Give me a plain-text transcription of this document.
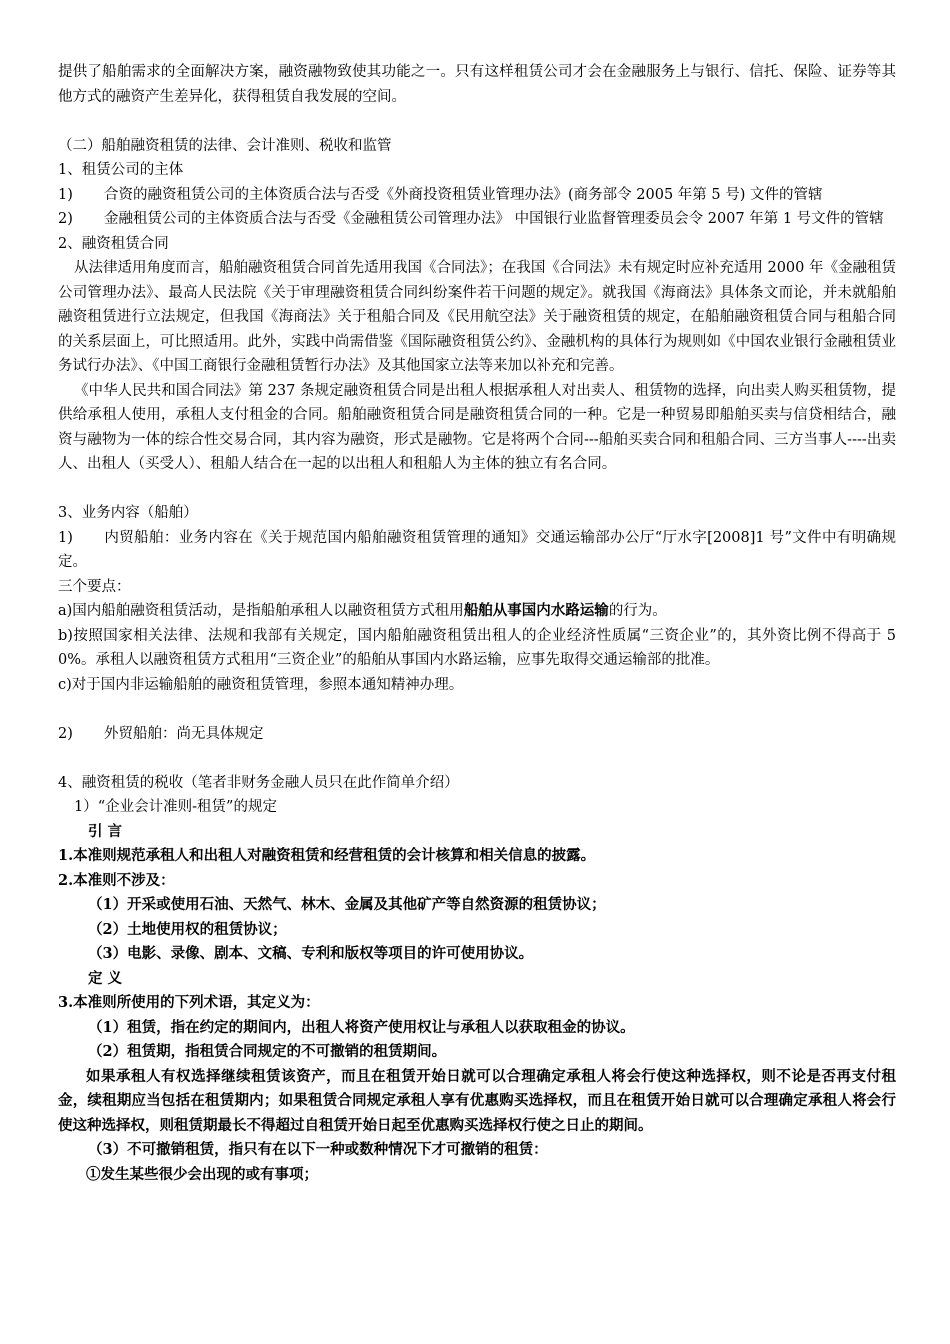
提供了船舶需求的全面解决方案，融资融物致使其功能之一。只有这样租赁公司才会在金融服务上与银行、信托、保险、证券等其他方式的融资产生差异化，获得租赁自我发展的空间。

（二）船舶融资租赁的法律、会计准则、税收和监管

1、租赁公司的主体

1) 合资的融资租赁公司的主体资质合法与否受《外商投资租赁业管理办法》(商务部令 2005 年第 5 号) 文件的管辖

2) 金融租赁公司的主体资质合法与否受《金融租赁公司管理办法》 中国银行业监督管理委员会令 2007 年第 1 号文件的管辖

2、融资租赁合同

从法律适用角度而言，船舶融资租赁合同首先适用我国《合同法》；在我国《合同法》未有规定时应补充适用 2000 年《金融租赁公司管理办法》、最高人民法院《关于审理融资租赁合同纠纷案件若干问题的规定》。就我国《海商法》具体条文而论，并未就船舶融资租赁进行立法规定，但我国《海商法》关于租船合同及《民用航空法》关于融资租赁的规定，在船舶融资租赁合同与租船合同的关系层面上，可比照适用。此外，实践中尚需借鉴《国际融资租赁公约》、金融机构的具体行为规则如《中国农业银行金融租赁业务试行办法》、《中国工商银行金融租赁暂行办法》及其他国家立法等来加以补充和完善。

《中华人民共和国合同法》第 237 条规定融资租赁合同是出租人根据承租人对出卖人、租赁物的选择，向出卖人购买租赁物，提供给承租人使用，承租人支付租金的合同。船舶融资租赁合同是融资租赁合同的一种。它是一种贸易即船舶买卖与信贷相结合，融资与融物为一体的综合性交易合同，其内容为融资，形式是融物。它是将两个合同---船舶买卖合同和租船合同、三方当事人----出卖人、出租人（买受人）、租船人结合在一起的以出租人和租船人为主体的独立有名合同。

3、业务内容（船舶）

1) 内贸船舶：业务内容在《关于规范国内船舶融资租赁管理的通知》交通运输部办公厅“厅水字[2008]1 号”文件中有明确规定。

三个要点：

a)国内船舶融资租赁活动，是指船舶承租人以融资租赁方式租用船舶从事国内水路运输的行为。

b)按照国家相关法律、法规和我部有关规定，国内船舶融资租赁出租人的企业经济性质属“三资企业”的，其外资比例不得高于 50%。承租人以融资租赁方式租用“三资企业”的船舶从事国内水路运输，应事先取得交通运输部的批准。

c)对于国内非运输船舶的融资租赁管理，参照本通知精神办理。

2) 外贸船舶：尚无具体规定

4、融资租赁的税收（笔者非财务金融人员只在此作简单介绍）

1）“企业会计准则-租赁”的规定

引 言

1.本准则规范承租人和出租人对融资租赁和经营租赁的会计核算和相关信息的披露。

2.本准则不涉及：

（1）开采或使用石油、天然气、林木、金属及其他矿产等自然资源的租赁协议；

（2）土地使用权的租赁协议；

（3）电影、录像、剧本、文稿、专利和版权等项目的许可使用协议。

定 义

3.本准则所使用的下列术语，其定义为：

（1）租赁，指在约定的期间内，出租人将资产使用权让与承租人以获取租金的协议。

（2）租赁期，指租赁合同规定的不可撤销的租赁期间。

如果承租人有权选择继续租赁该资产，而且在租赁开始日就可以合理确定承租人将会行使这种选择权，则不论是否再支付租金，续租期应当包括在租赁期内；如果租赁合同规定承租人享有优惠购买选择权，而且在租赁开始日就可以合理确定承租人将会行使这种选择权，则租赁期最长不得超过自租赁开始日起至优惠购买选择权行使之日止的期间。

（3）不可撤销租赁，指只有在以下一种或数种情况下才可撤销的租赁：

①发生某些很少会出现的或有事项；
